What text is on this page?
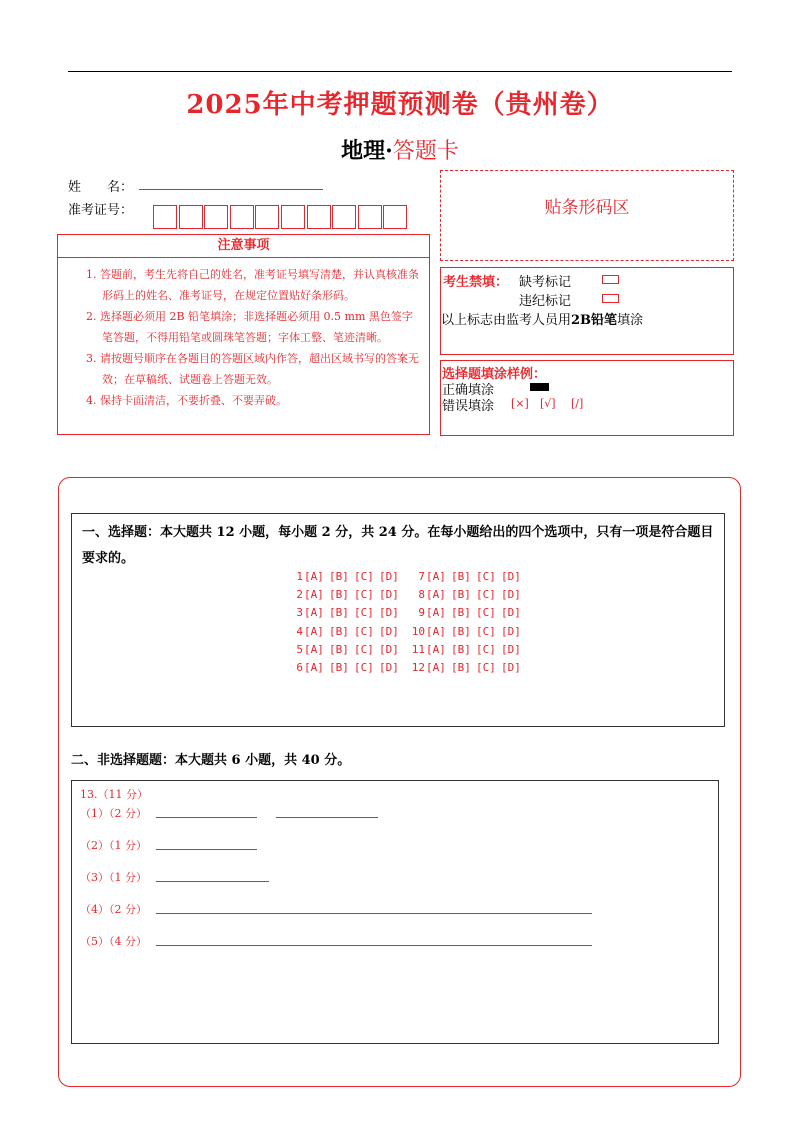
2025年中考押题预测卷（贵州卷）
地理·答题卡
姓　　名：
准考证号：	贴条形码区
注意事项
1. 答题前，考生先将自己的姓名，准考证号填写清楚，并认真核准条形码上的姓名、准考证号，在规定位置贴好条形码。
2. 选择题必须用 2B 铅笔填涂；非选择题必须用 0.5 mm 黑色签字笔答题，不得用铅笔或圆珠笔答题；字体工整、笔迹清晰。
3. 请按题号顺序在各题目的答题区域内作答，超出区域书写的答案无效；在草稿纸、试题卷上答题无效。
4. 保持卡面清洁，不要折叠、不要弄破。
考生禁填： 缺考标记
违纪标记
以上标志由监考人员用2B铅笔填涂
选择题填涂样例：
正确填涂
错误填涂 [×] [√] [/]
一、选择题：本大题共 12 小题，每小题 2 分，共 24 分。在每小题给出的四个选项中，只有一项是符合题目要求的。
1 [A] [B] [C] [D]	7 [A] [B] [C] [D]
2 [A] [B] [C] [D]	8 [A] [B] [C] [D]
3 [A] [B] [C] [D]	9 [A] [B] [C] [D]
4 [A] [B] [C] [D]	10 [A] [B] [C] [D]
5 [A] [B] [C] [D]	11 [A] [B] [C] [D]
6 [A] [B] [C] [D]	12 [A] [B] [C] [D]
二、非选择题题：本大题共 6 小题，共 40 分。
13.（11 分）
（1）（2 分）
（2）（1 分）
（3）（1 分）
（4）（2 分）
（5）（4 分）
